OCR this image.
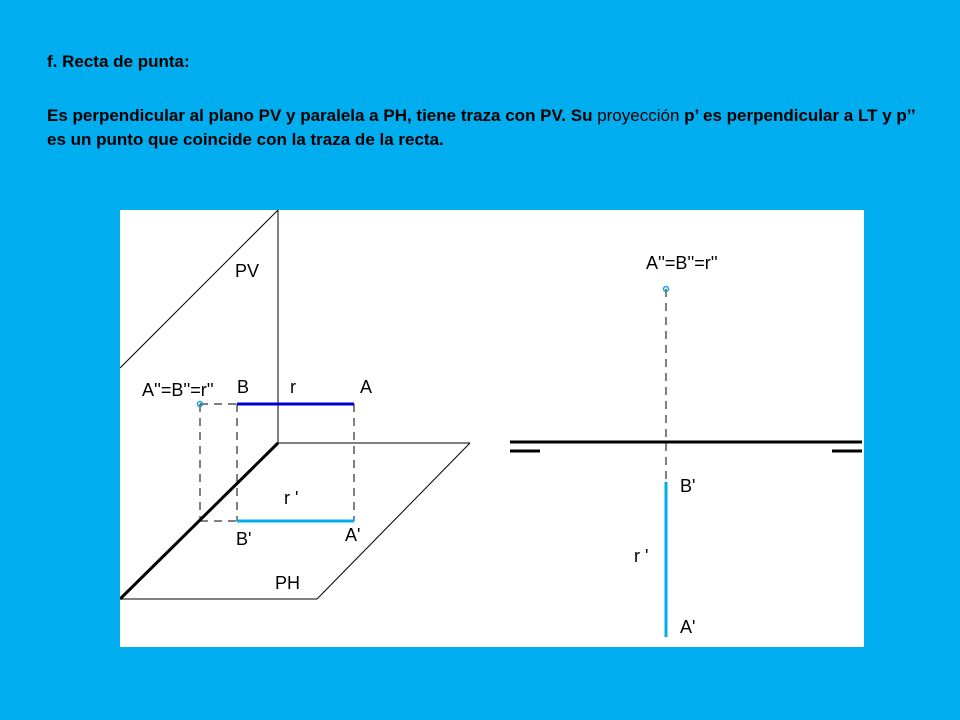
f. Recta de punta:

Es perpendicular al plano PV y paralela a PH, tiene traza con PV. Su proyección p’ es perpendicular a LT y p’’ es un punto que coincide con la traza de la recta.

PV
PH
A''=B''=r'' B r	A
r '
B'	A'
A''=B''=r''
B'
r '
A'
